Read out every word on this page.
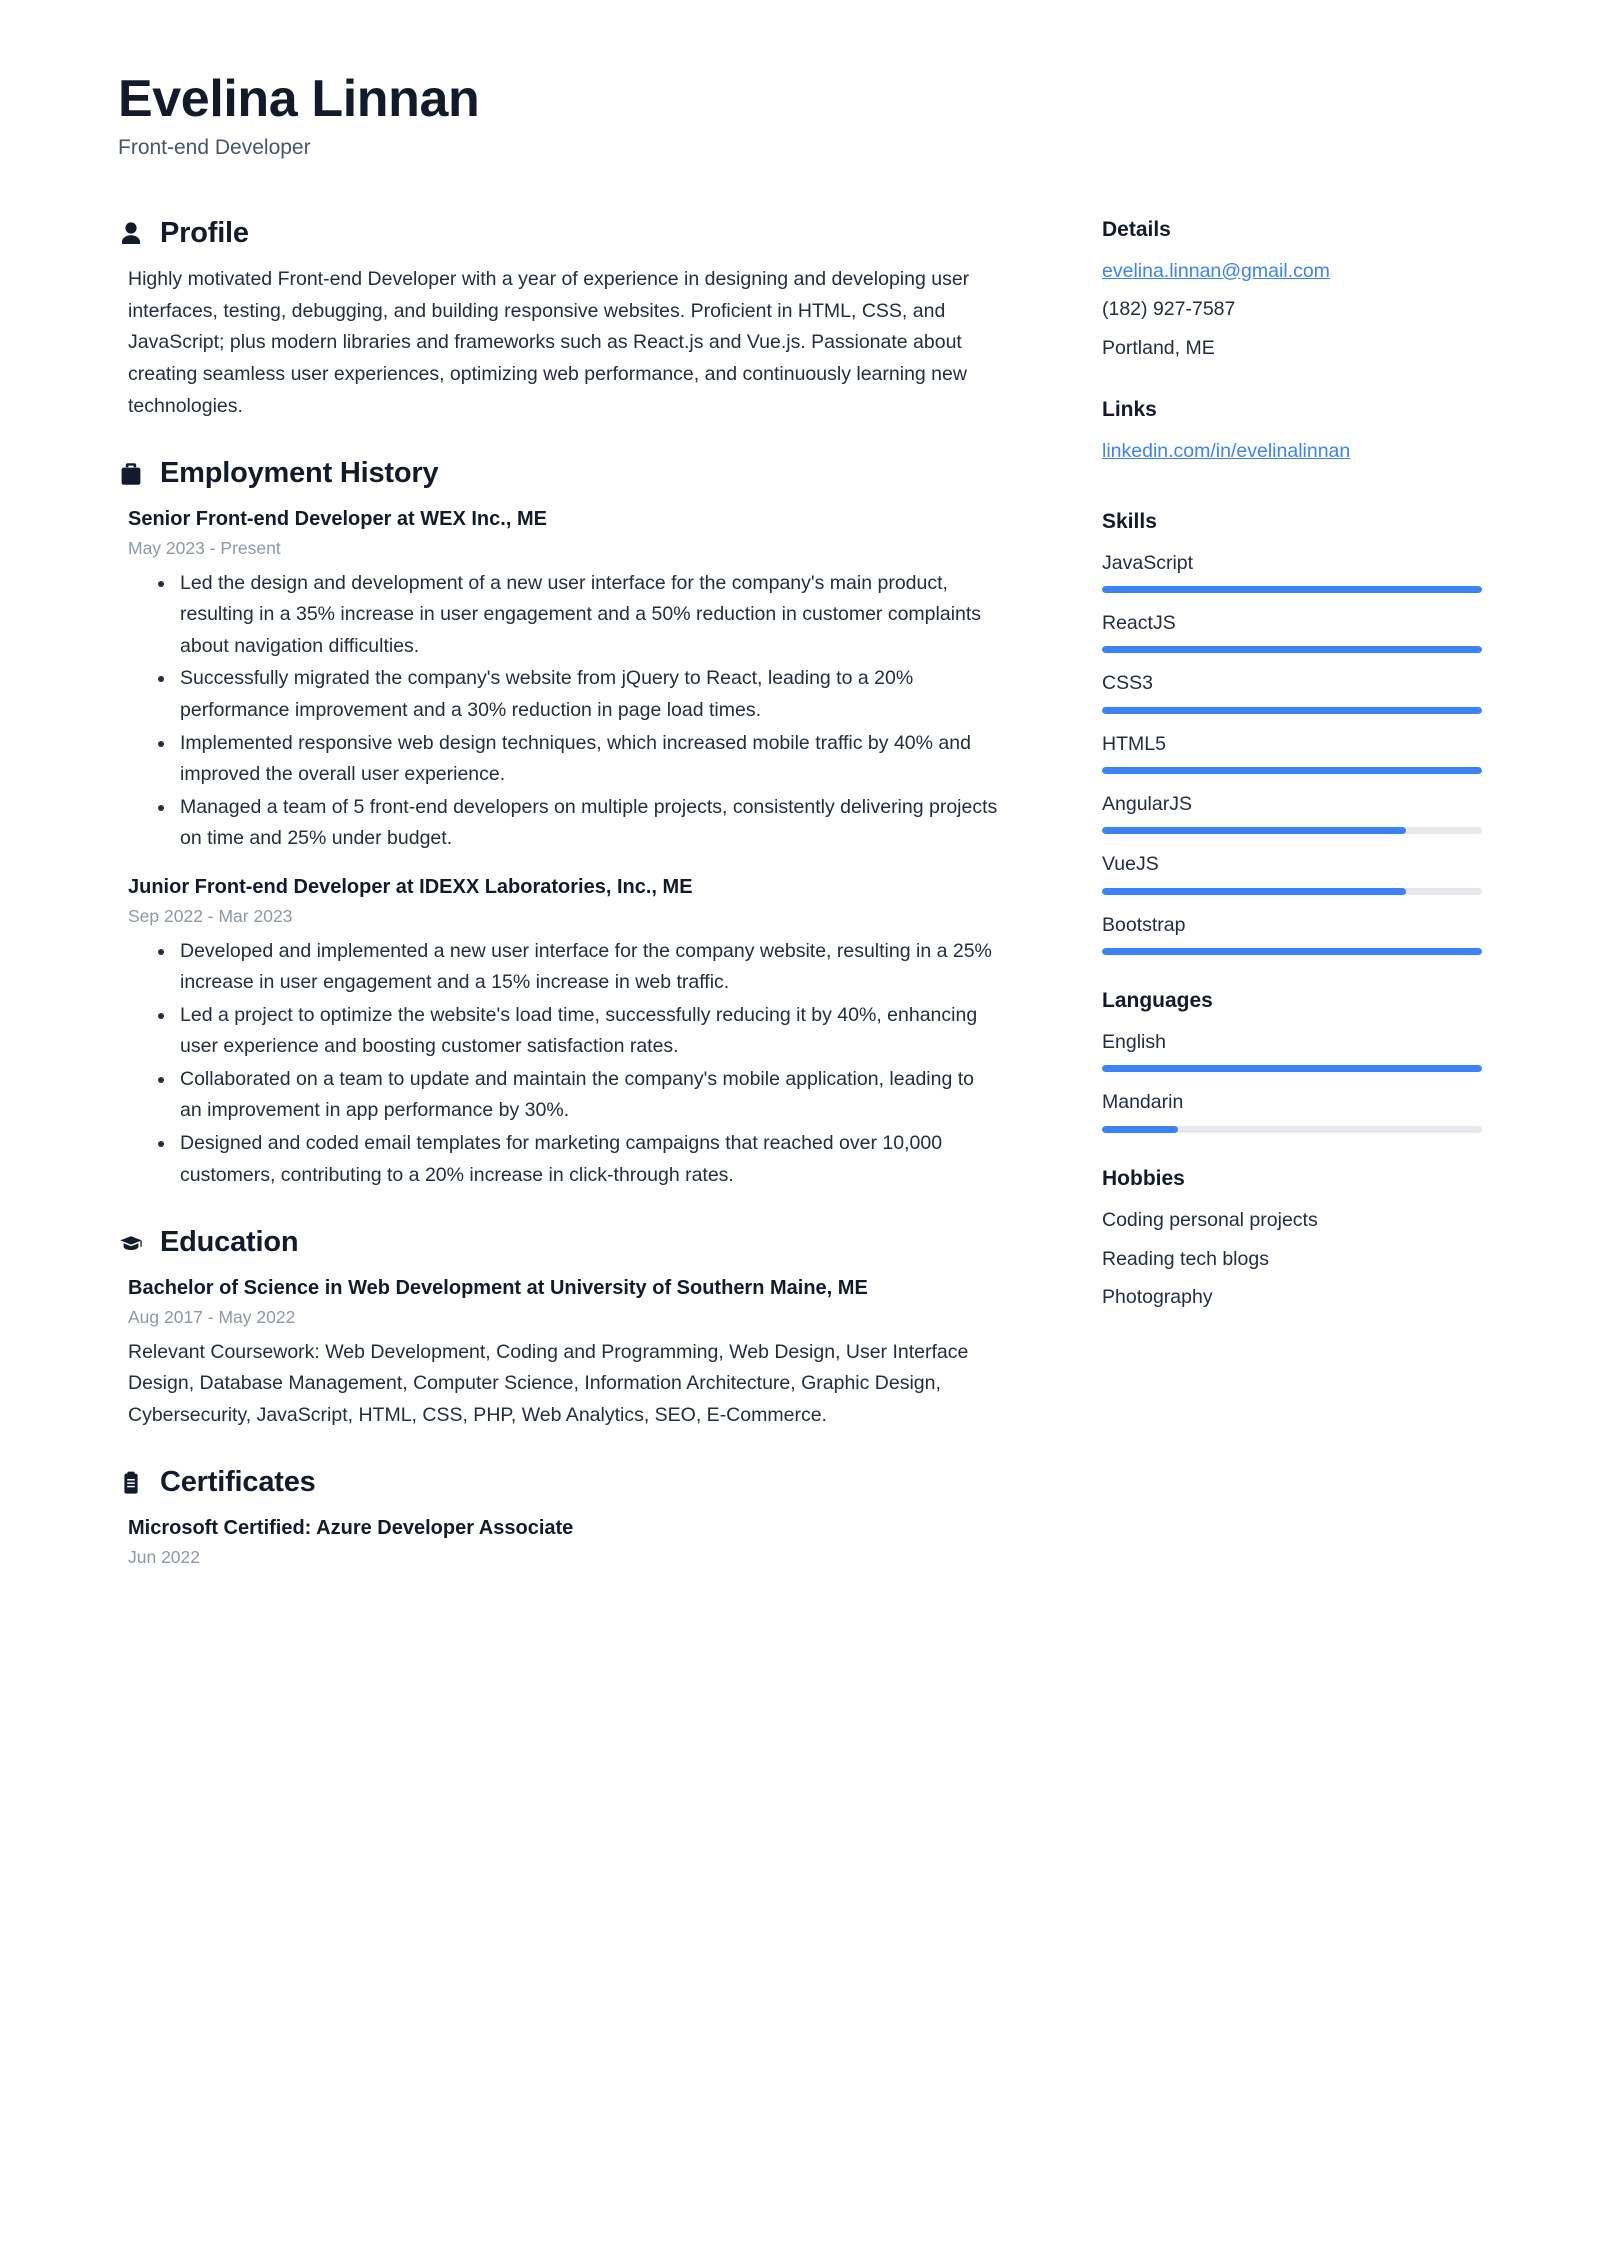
Evelina Linnan
Front-end Developer
Profile

Highly motivated Front-end Developer with a year of experience in designing and developing user interfaces, testing, debugging, and building responsive websites. Proficient in HTML, CSS, and JavaScript; plus modern libraries and frameworks such as React.js and Vue.js. Passionate about creating seamless user experiences, optimizing web performance, and continuously learning new technologies.

Employment History
Senior Front-end Developer at WEX Inc., ME
May 2023 - Present
Led the design and development of a new user interface for the company's main product, resulting in a 35% increase in user engagement and a 50% reduction in customer complaints about navigation difficulties.
Successfully migrated the company's website from jQuery to React, leading to a 20% performance improvement and a 30% reduction in page load times.
Implemented responsive web design techniques, which increased mobile traffic by 40% and improved the overall user experience.
Managed a team of 5 front-end developers on multiple projects, consistently delivering projects on time and 25% under budget.
Junior Front-end Developer at IDEXX Laboratories, Inc., ME
Sep 2022 - Mar 2023
Developed and implemented a new user interface for the company website, resulting in a 25% increase in user engagement and a 15% increase in web traffic.
Led a project to optimize the website's load time, successfully reducing it by 40%, enhancing user experience and boosting customer satisfaction rates.
Collaborated on a team to update and maintain the company's mobile application, leading to an improvement in app performance by 30%.
Designed and coded email templates for marketing campaigns that reached over 10,000 customers, contributing to a 20% increase in click-through rates.
Education
Bachelor of Science in Web Development at University of Southern Maine, ME
Aug 2017 - May 2022

Relevant Coursework: Web Development, Coding and Programming, Web Design, User Interface Design, Database Management, Computer Science, Information Architecture, Graphic Design, Cybersecurity, JavaScript, HTML, CSS, PHP, Web Analytics, SEO, E-Commerce.

Certificates
Microsoft Certified: Azure Developer Associate
Jun 2022
Details
evelina.linnan@gmail.com
(182) 927-7587
Portland, ME
Links
linkedin.com/in/evelinalinnan
Skills
JavaScript
ReactJS
CSS3
HTML5
AngularJS
VueJS
Bootstrap
Languages
English
Mandarin
Hobbies
Coding personal projects
Reading tech blogs
Photography
